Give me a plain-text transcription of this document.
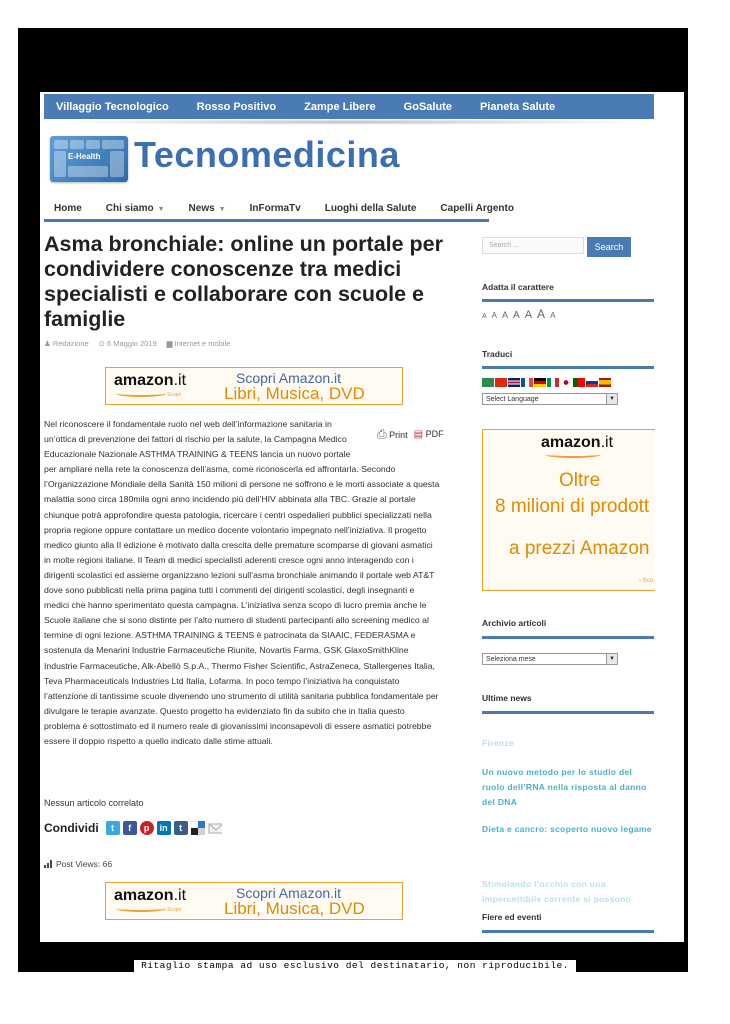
Ritaglio stampa ad uso esclusivo del destinatario, non riproducibile.
Villaggio Tecnologico	Rosso Positivo	Zampe Libere	GoSalute	Pianeta Salute
E-Health Tecnomedicina
Home Chi siamo ▼ News ▼ InFormaTv Luoghi della Salute Capelli Argento
Asma bronchiale: online un portale per condividere conoscenze tra medici specialisti e collaborare con scuole e famiglie
♟ Redazione ⊙ 6 Maggio 2019 ▆ Internet e mobile
amazon.it
› Scopri
Scopri Amazon.it
Libri, Musica, DVD
⎙ Print ▤ PDF
Nel riconoscere il fondamentale ruolo nel web dell’informazione sanitaria in
un’ottica di prevenzione dei fattori di rischio per la salute, la Campagna Medico
Educazionale Nazionale ASTHMA TRAINING & TEENS lancia un nuovo portale
per ampliare nella rete la conoscenza dell’asma, come riconoscerla ed affrontarla. Secondo
l’Organizzazione Mondiale della Sanità 150 milioni di persone ne soffrono e le morti associate a questa
malattia sono circa 180mila ogni anno incidendo più dell’HIV abbinata alla TBC. Grazie al portale
chiunque potrà approfondire questa patologia, ricercare i centri ospedalieri pubblici specializzati nella
propria regione oppure contattare un medico docente volontario impegnato nell’iniziativa. Il progetto
medico giunto alla II edizione è motivato dalla crescita delle premature scomparse di giovani asmatici
in molte regioni italiane. Il Team di medici specialisti aderenti cresce ogni anno interagendo con i
dirigenti scolastici ed assieme organizzano lezioni sull’asma bronchiale animando il portale web AT&T
dove sono pubblicati nella prima pagina tutti i commenti dei dirigenti scolastici, degli insegnanti e
medici che hanno sperimentato questa campagna. L’iniziativa senza scopo di lucro premia anche le
Scuole italiane che si sono distinte per l’alto numero di studenti partecipanti allo screening medico al
termine di ogni lezione. ASTHMA TRAINING & TEENS è patrocinata da SIAAIC, FEDERASMA e
sostenuta da Menarini Industrie Farmaceutiche Riunite, Novartis Farma, GSK GlaxoSmithKline
Industrie Farmaceutiche, Alk-Abellò S.p.A., Thermo Fisher Scientific, AstraZeneca, Stallergenes Italia,
Teva Pharmaceuticals Industries Ltd Italia, Lofarma. In poco tempo l’iniziativa ha conquistato
l’attenzione di tantissime scuole divenendo uno strumento di utilità sanitaria pubblica fondamentale per
divulgare le terapie avanzate. Questo progetto ha evidenziato fin da subito che in Italia questo
problema è sottostimato ed il numero reale di giovanissimi inconsapevoli di essere asmatici potrebbe
essere il doppio rispetto a quello indicato dalle stime attuali.
Nessun articolo correlato
Condividi	t	f	p	in	t
Post Views: 66
amazon.it
› Scopri
Scopri Amazon.it
Libri, Musica, DVD
Search ...	Search
Adatta il carattere
A A A A A A A
Traduci
Select Language	▼
amazon.it
Oltre
8 milioni di prodott
a prezzi Amazon
› Sco
Archivio articoli
Seleziona mese	▼
Ultime news
Firenze
Un nuovo metodo per lo studio del ruolo dell’RNA nella risposta al danno del DNA
Dieta e cancro: scoperto nuovo legame
Stimolando l’occhio con una impercettibile corrente si possono
Fiere ed eventi
